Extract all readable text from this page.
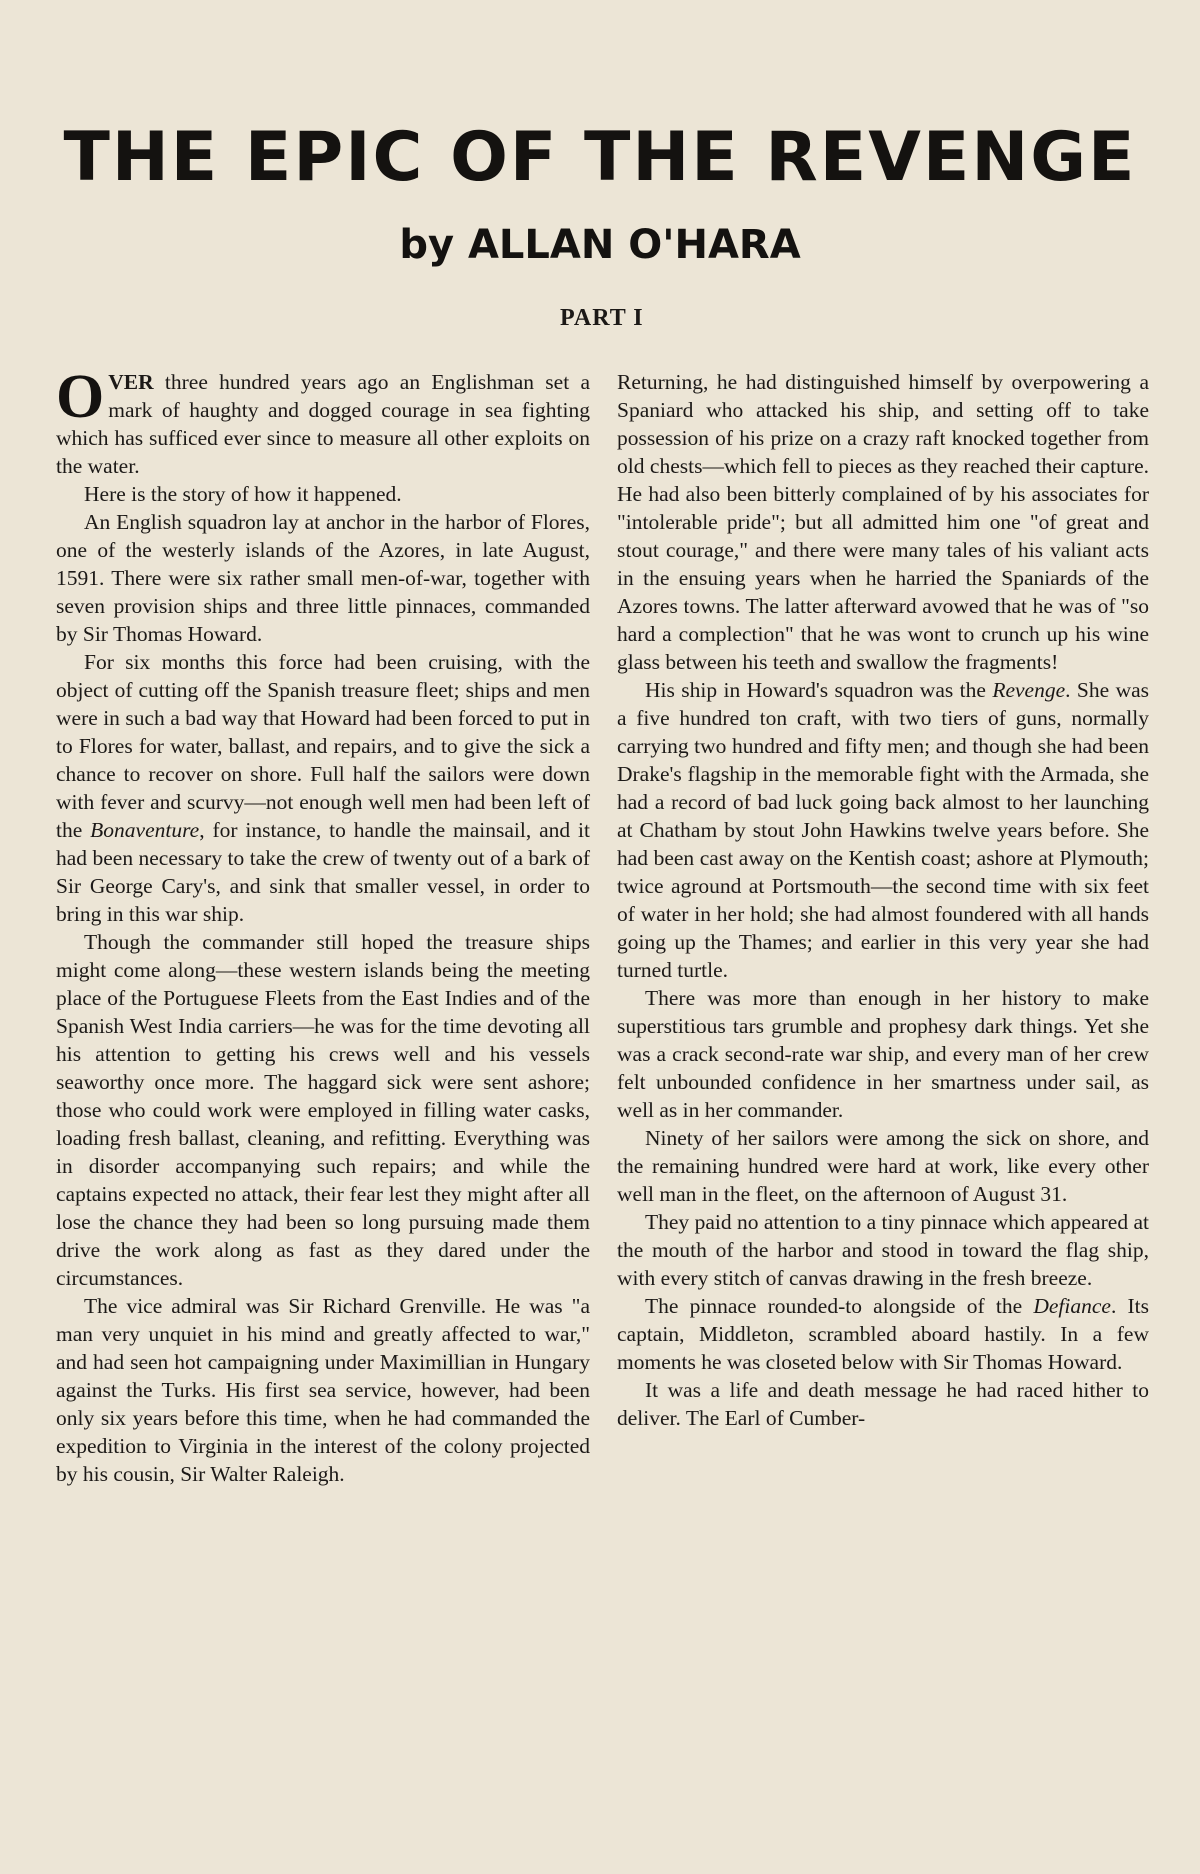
THE EPIC OF THE REVENGE
by ALLAN O'HARA
PART I

OVER three hundred years ago an Englishman set a mark of haughty and dogged courage in sea fighting which has sufficed ever since to measure all other exploits on the water.

Here is the story of how it happened.

An English squadron lay at anchor in the harbor of Flores, one of the westerly islands of the Azores, in late August, 1591. There were six rather small men-of-war, together with seven provision ships and three little pinnaces, commanded by Sir Thomas Howard.

For six months this force had been cruising, with the object of cutting off the Spanish treasure fleet; ships and men were in such a bad way that Howard had been forced to put in to Flores for water, ballast, and repairs, and to give the sick a chance to recover on shore. Full half the sailors were down with fever and scurvy—not enough well men had been left of the Bonaventure, for instance, to handle the mainsail, and it had been necessary to take the crew of twenty out of a bark of Sir George Cary's, and sink that smaller vessel, in order to bring in this war ship.

Though the commander still hoped the treasure ships might come along—these western islands being the meeting place of the Portuguese Fleets from the East Indies and of the Spanish West India carriers—he was for the time devoting all his attention to getting his crews well and his vessels seaworthy once more. The haggard sick were sent ashore; those who could work were employed in filling water casks, loading fresh ballast, cleaning, and refitting. Everything was in disorder accompanying such repairs; and while the captains expected no attack, their fear lest they might after all lose the chance they had been so long pursuing made them drive the work along as fast as they dared under the circumstances.

The vice admiral was Sir Richard Grenville. He was "a man very unquiet in his mind and greatly affected to war," and had seen hot campaigning under Maximillian in Hungary against the Turks. His first sea service, however, had been only six years before this time, when he had commanded the expedition to Virginia in the interest of the colony projected by his cousin, Sir Walter Raleigh.

Returning, he had distinguished himself by overpowering a Spaniard who attacked his ship, and setting off to take possession of his prize on a crazy raft knocked together from old chests—which fell to pieces as they reached their capture. He had also been bitterly complained of by his associates for "intolerable pride"; but all admitted him one "of great and stout courage," and there were many tales of his valiant acts in the ensuing years when he harried the Spaniards of the Azores towns. The latter afterward avowed that he was of "so hard a complection" that he was wont to crunch up his wine glass between his teeth and swallow the fragments!

His ship in Howard's squadron was the Revenge. She was a five hundred ton craft, with two tiers of guns, normally carrying two hundred and fifty men; and though she had been Drake's flagship in the memorable fight with the Armada, she had a record of bad luck going back almost to her launching at Chatham by stout John Hawkins twelve years before. She had been cast away on the Kentish coast; ashore at Plymouth; twice aground at Portsmouth—the second time with six feet of water in her hold; she had almost foundered with all hands going up the Thames; and earlier in this very year she had turned turtle.

There was more than enough in her history to make superstitious tars grumble and prophesy dark things. Yet she was a crack second-rate war ship, and every man of her crew felt unbounded confidence in her smartness under sail, as well as in her commander.

Ninety of her sailors were among the sick on shore, and the remaining hundred were hard at work, like every other well man in the fleet, on the afternoon of August 31.

They paid no attention to a tiny pinnace which appeared at the mouth of the harbor and stood in toward the flag ship, with every stitch of canvas drawing in the fresh breeze.

The pinnace rounded-to alongside of the Defiance. Its captain, Middleton, scrambled aboard hastily. In a few moments he was closeted below with Sir Thomas Howard.

It was a life and death message he had raced hither to deliver. The Earl of Cumber-
